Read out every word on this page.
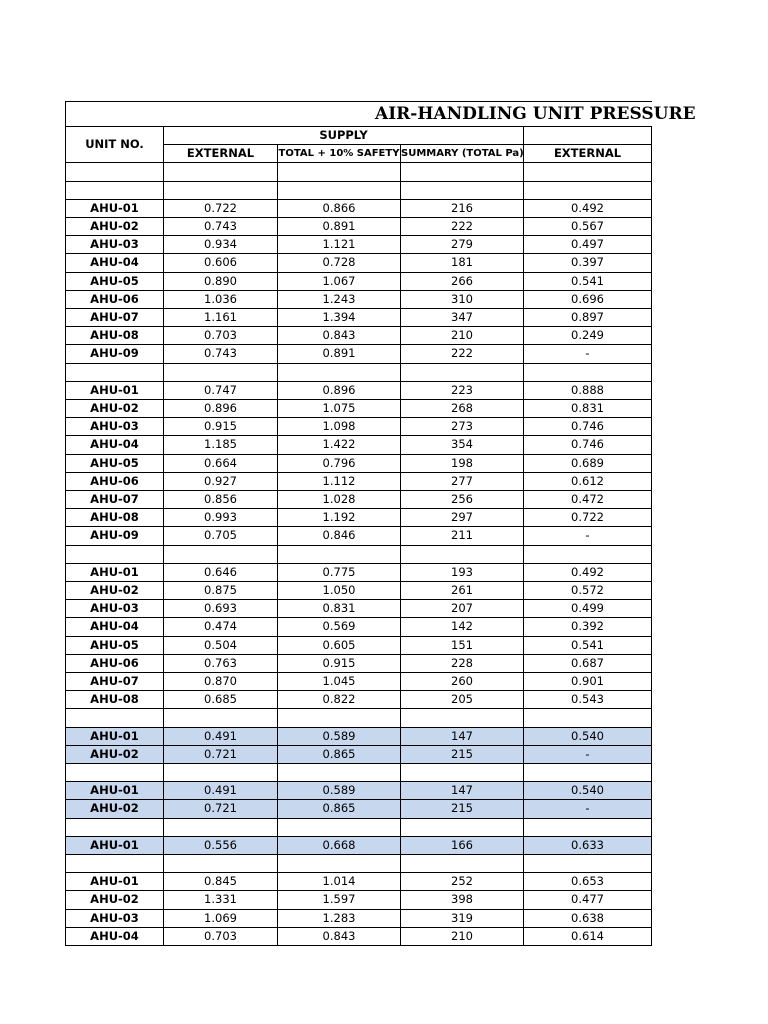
AIR-HANDLING UNIT PRESSURE				
UNIT NO.	SUPPLY			
	EXTERNAL	TOTAL + 10% SAFETY	SUMMARY (TOTAL Pa)	EXTERNAL

AHU-01	0.722	0.866	216	0.492
AHU-02	0.743	0.891	222	0.567
AHU-03	0.934	1.121	279	0.497
AHU-04	0.606	0.728	181	0.397
AHU-05	0.890	1.067	266	0.541
AHU-06	1.036	1.243	310	0.696
AHU-07	1.161	1.394	347	0.897
AHU-08	0.703	0.843	210	0.249
AHU-09	0.743	0.891	222	-

AHU-01	0.747	0.896	223	0.888
AHU-02	0.896	1.075	268	0.831
AHU-03	0.915	1.098	273	0.746
AHU-04	1.185	1.422	354	0.746
AHU-05	0.664	0.796	198	0.689
AHU-06	0.927	1.112	277	0.612
AHU-07	0.856	1.028	256	0.472
AHU-08	0.993	1.192	297	0.722
AHU-09	0.705	0.846	211	-

AHU-01	0.646	0.775	193	0.492
AHU-02	0.875	1.050	261	0.572
AHU-03	0.693	0.831	207	0.499
AHU-04	0.474	0.569	142	0.392
AHU-05	0.504	0.605	151	0.541
AHU-06	0.763	0.915	228	0.687
AHU-07	0.870	1.045	260	0.901
AHU-08	0.685	0.822	205	0.543

AHU-01	0.491	0.589	147	0.540
AHU-02	0.721	0.865	215	-

AHU-01	0.491	0.589	147	0.540
AHU-02	0.721	0.865	215	-

AHU-01	0.556	0.668	166	0.633

AHU-01	0.845	1.014	252	0.653
AHU-02	1.331	1.597	398	0.477
AHU-03	1.069	1.283	319	0.638
AHU-04	0.703	0.843	210	0.614
